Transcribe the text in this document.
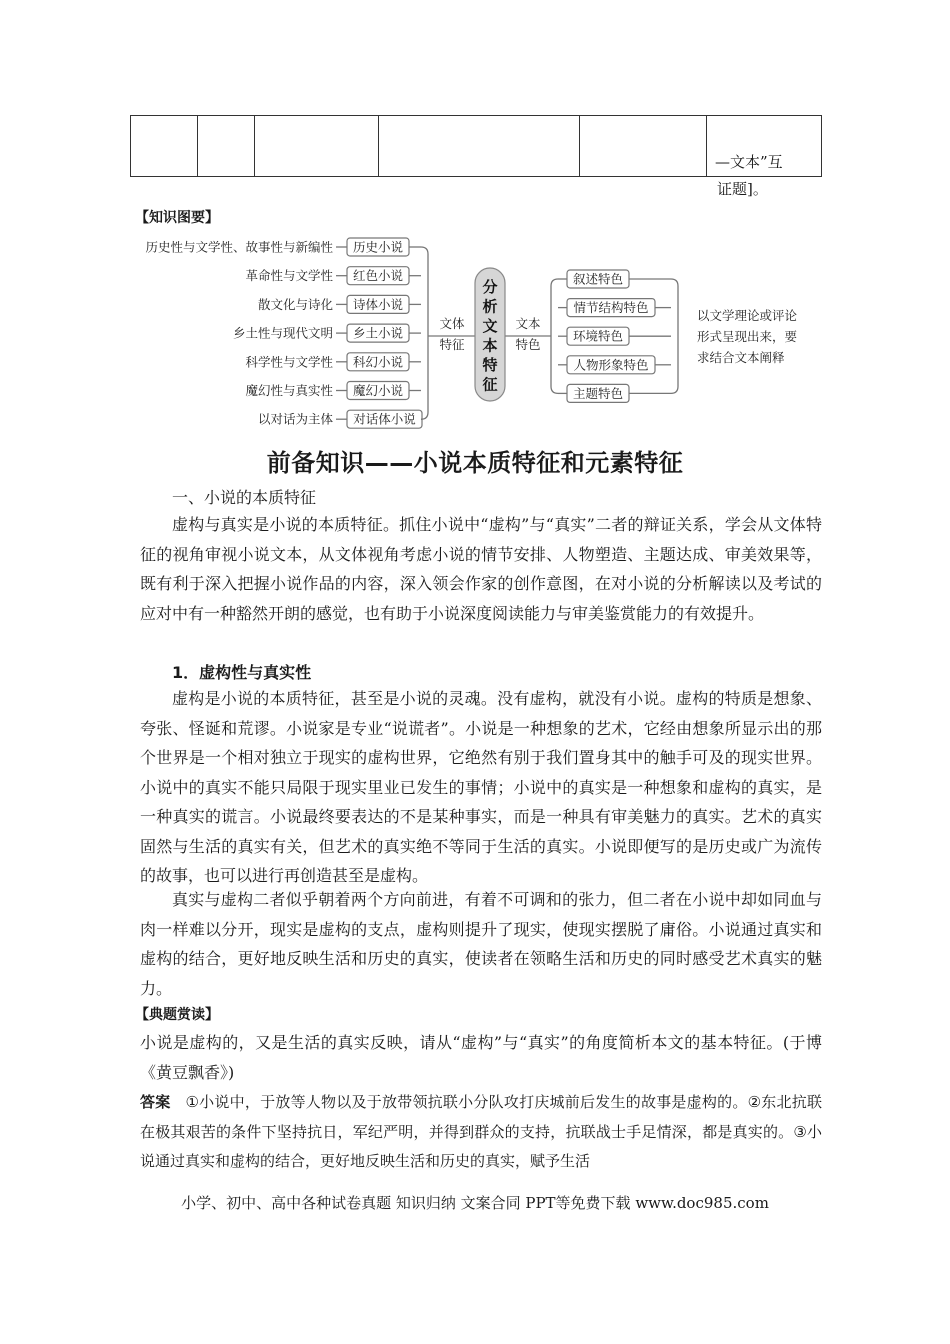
—文本”互
证题]。
【知识图要】
历史性与文学性、故事性与新编性 历史小说
革命性与文学性 红色小说
散文化与诗化 诗体小说
乡土性与现代文明 乡土小说
科学性与文学性 科幻小说
魔幻性与真实性 魔幻小说
以对话为主体 对话体小说
文体
特征
文本
特色
叙述特色
情节结构特色
环境特色
人物形象特色
主题特色
以文学理论或评论
形式呈现出来，要
求结合文本阐释
分
析
文
本
特
征
前备知识——小说本质特征和元素特征
一、小说的本质特征
虚构与真实是小说的本质特征。抓住小说中“虚构”与“真实”二者的辩证关系，学会从文体特征的视角审视小说文本，从文体视角考虑小说的情节安排、人物塑造、主题达成、审美效果等，既有利于深入把握小说作品的内容，深入领会作家的创作意图，在对小说的分析解读以及考试的应对中有一种豁然开朗的感觉，也有助于小说深度阅读能力与审美鉴赏能力的有效提升。
1．虚构性与真实性
虚构是小说的本质特征，甚至是小说的灵魂。没有虚构，就没有小说。虚构的特质是想象、夸张、怪诞和荒谬。小说家是专业“说谎者”。小说是一种想象的艺术，它经由想象所显示出的那个世界是一个相对独立于现实的虚构世界，它绝然有别于我们置身其中的触手可及的现实世界。小说中的真实不能只局限于现实里业已发生的事情；小说中的真实是一种想象和虚构的真实，是一种真实的谎言。小说最终要表达的不是某种事实，而是一种具有审美魅力的真实。艺术的真实固然与生活的真实有关，但艺术的真实绝不等同于生活的真实。小说即便写的是历史或广为流传的故事，也可以进行再创造甚至是虚构。
真实与虚构二者似乎朝着两个方向前进，有着不可调和的张力，但二者在小说中却如同血与肉一样难以分开，现实是虚构的支点，虚构则提升了现实，使现实摆脱了庸俗。小说通过真实和虚构的结合，更好地反映生活和历史的真实，使读者在领略生活和历史的同时感受艺术真实的魅力。
【典题赏读】
小说是虚构的，又是生活的真实反映，请从“虚构”与“真实”的角度简析本文的基本特征。(于博《黄豆飘香》)
答案 ①小说中，于放等人物以及于放带领抗联小分队攻打庆城前后发生的故事是虚构的。②东北抗联在极其艰苦的条件下坚持抗日，军纪严明，并得到群众的支持，抗联战士手足情深，都是真实的。③小说通过真实和虚构的结合，更好地反映生活和历史的真实，赋予生活
小学、初中、高中各种试卷真题 知识归纳 文案合同 PPT等免费下载 www.doc985.com
